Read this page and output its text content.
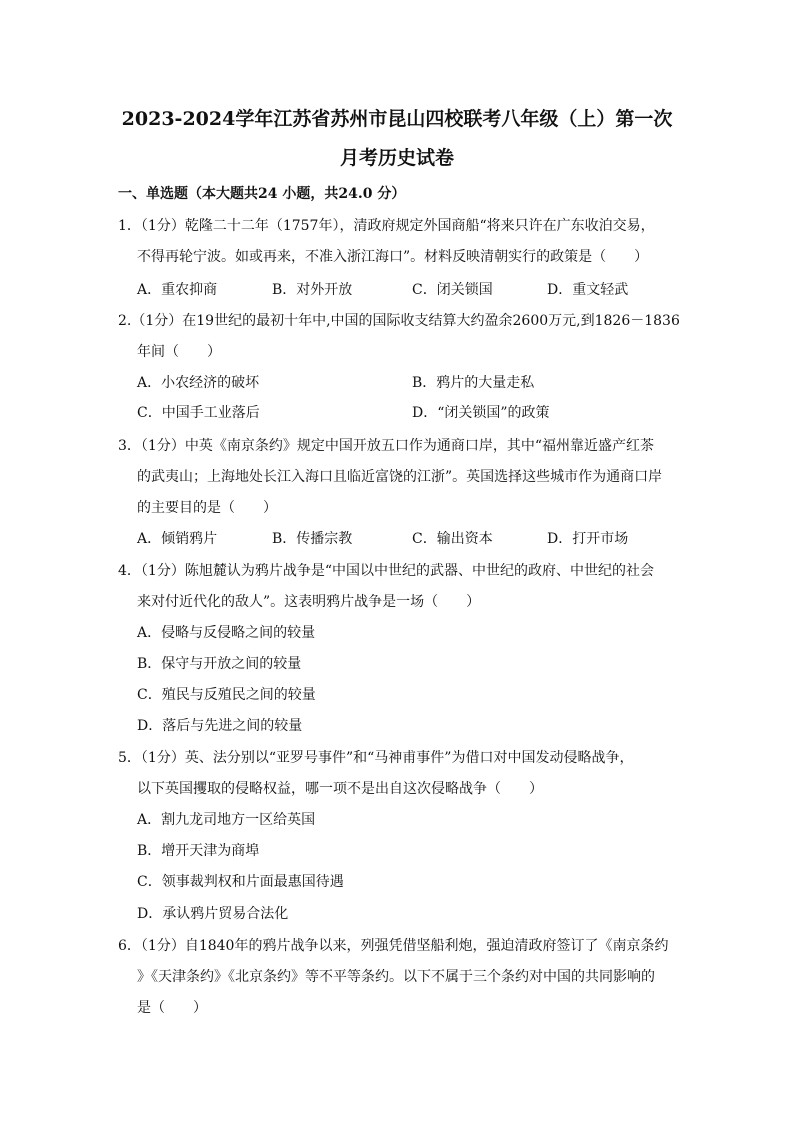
2023-2024学年江苏省苏州市昆山四校联考八年级（上）第一次
月考历史试卷
一、单选题（本大题共24 小题，共24.0 分）
1．（1分）乾隆二十二年（1757年），清政府规定外国商船“将来只许在广东收泊交易，
不得再轮宁波。如或再来，不准入浙江海口”。材料反映清朝实行的政策是（　　）
A．重农抑商	B．对外开放	C．闭关锁国	D．重文轻武
2.（1分）在19世纪的最初十年中,中国的国际收支结算大约盈余2600万元,到1826－1836
年间（　　）
A．小农经济的破坏	B．鸦片的大量走私
C．中国手工业落后	D．“闭关锁国”的政策
3．（1分）中英《南京条约》规定中国开放五口作为通商口岸，其中“福州靠近盛产红茶
的武夷山；上海地处长江入海口且临近富饶的江浙”。英国选择这些城市作为通商口岸
的主要目的是（　　）
A．倾销鸦片	B．传播宗教	C．输出资本	D．打开市场
4．（1分）陈旭麓认为鸦片战争是“中国以中世纪的武器、中世纪的政府、中世纪的社会
来对付近代化的敌人”。这表明鸦片战争是一场（　　）
A．侵略与反侵略之间的较量
B．保守与开放之间的较量
C．殖民与反殖民之间的较量
D．落后与先进之间的较量
5．（1分）英、法分别以“亚罗号事件”和“马神甫事件”为借口对中国发动侵略战争，
以下英国攫取的侵略权益，哪一项不是出自这次侵略战争（　　）
A．割九龙司地方一区给英国
B．增开天津为商埠
C．领事裁判权和片面最惠国待遇
D．承认鸦片贸易合法化
6．（1分）自1840年的鸦片战争以来，列强凭借坚船利炮，强迫清政府签订了《南京条约
》《天津条约》《北京条约》等不平等条约。以下不属于三个条约对中国的共同影响的
是（　　）
